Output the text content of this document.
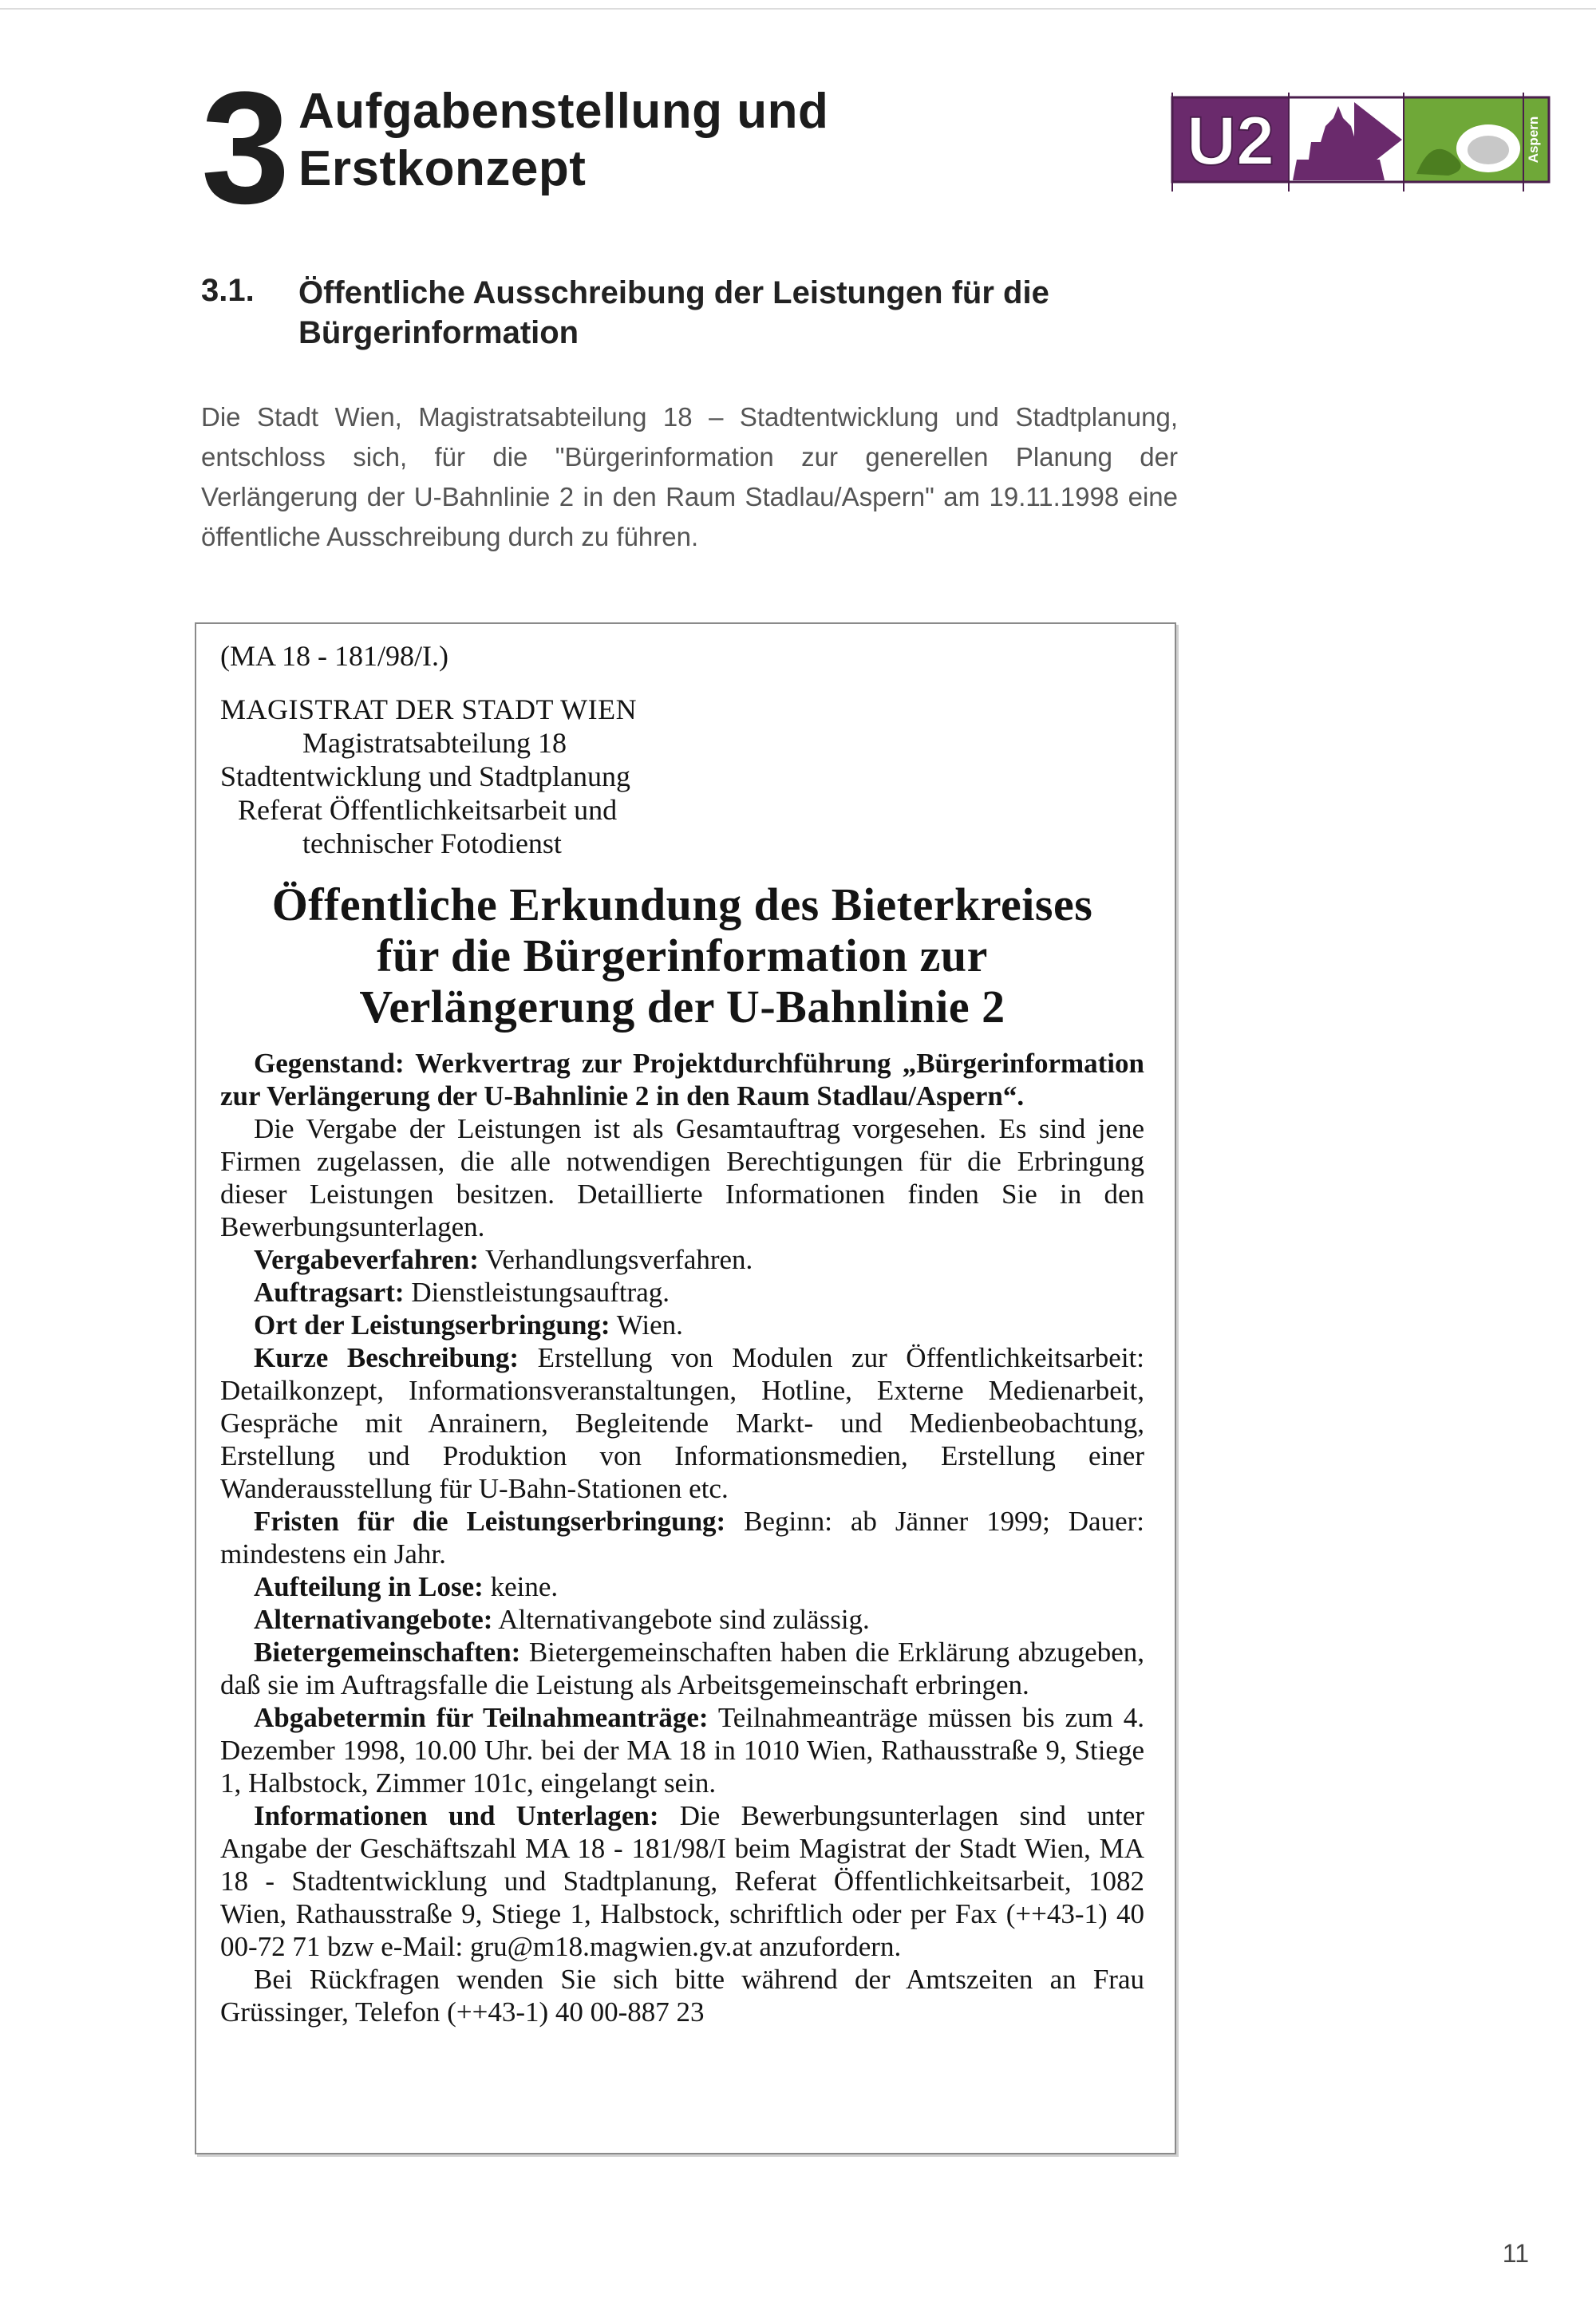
3 Aufgabenstellung und
Erstkonzept	U2	Aspern
3.1. Öffentliche Ausschreibung der Leistungen für die Bürgerinformation
Die Stadt Wien, Magistratsabteilung 18 – Stadtentwicklung und Stadtplanung, entschloss sich, für die "Bürgerinformation zur generellen Planung der Verlängerung der U-Bahnlinie 2 in den Raum Stadlau/Aspern" am 19.11.1998 eine öffentliche Ausschreibung durch zu führen.
(MA 18 - 181/98/I.)
MAGISTRAT DER STADT WIEN
Magistratsabteilung 18
Stadtentwicklung und Stadtplanung
Referat Öffentlichkeitsarbeit und
technischer Fotodienst
Öffentliche Erkundung des Bieterkreises
für die Bürgerinformation zur
Verlängerung der U-Bahnlinie 2

Gegenstand: Werkvertrag zur Projektdurchführung „Bürgerinformation zur Verlängerung der U-Bahnlinie 2 in den Raum Stadlau/Aspern“.

Die Vergabe der Leistungen ist als Gesamtauftrag vorgesehen. Es sind jene Firmen zugelassen, die alle notwendigen Berechtigungen für die Erbringung dieser Leistungen besitzen. Detaillierte Informationen finden Sie in den Bewerbungsunterlagen.

Vergabeverfahren: Verhandlungsverfahren.

Auftragsart: Dienstleistungsauftrag.

Ort der Leistungserbringung: Wien.

Kurze Beschreibung: Erstellung von Modulen zur Öffentlichkeitsarbeit: Detailkonzept, Informationsveranstaltungen, Hotline, Externe Medienarbeit, Gespräche mit Anrainern, Begleitende Markt- und Medienbeobachtung, Erstellung und Produktion von Informationsmedien, Erstellung einer Wanderausstellung für U-Bahn-Stationen etc.

Fristen für die Leistungserbringung: Beginn: ab Jänner 1999; Dauer: mindestens ein Jahr.

Aufteilung in Lose: keine.

Alternativangebote: Alternativangebote sind zulässig.

Bietergemeinschaften: Bietergemeinschaften haben die Erklärung abzugeben, daß sie im Auftragsfalle die Leistung als Arbeitsgemeinschaft erbringen.

Abgabetermin für Teilnahmeanträge: Teilnahmeanträge müssen bis zum 4. Dezember 1998, 10.00 Uhr. bei der MA 18 in 1010 Wien, Rathausstraße 9, Stiege 1, Halbstock, Zimmer 101c, eingelangt sein.

Informationen und Unterlagen: Die Bewerbungsunterlagen sind unter Angabe der Geschäftszahl MA 18 - 181/98/I beim Magistrat der Stadt Wien, MA 18 - Stadtentwicklung und Stadtplanung, Referat Öffentlichkeitsarbeit, 1082 Wien, Rathausstraße 9, Stiege 1, Halbstock, schriftlich oder per Fax (++43-1) 40 00-72 71 bzw e-Mail: gru@m18.magwien.gv.at anzufordern.

Bei Rückfragen wenden Sie sich bitte während der Amtszeiten an Frau Grüssinger, Telefon (++43-1) 40 00-887 23

11
